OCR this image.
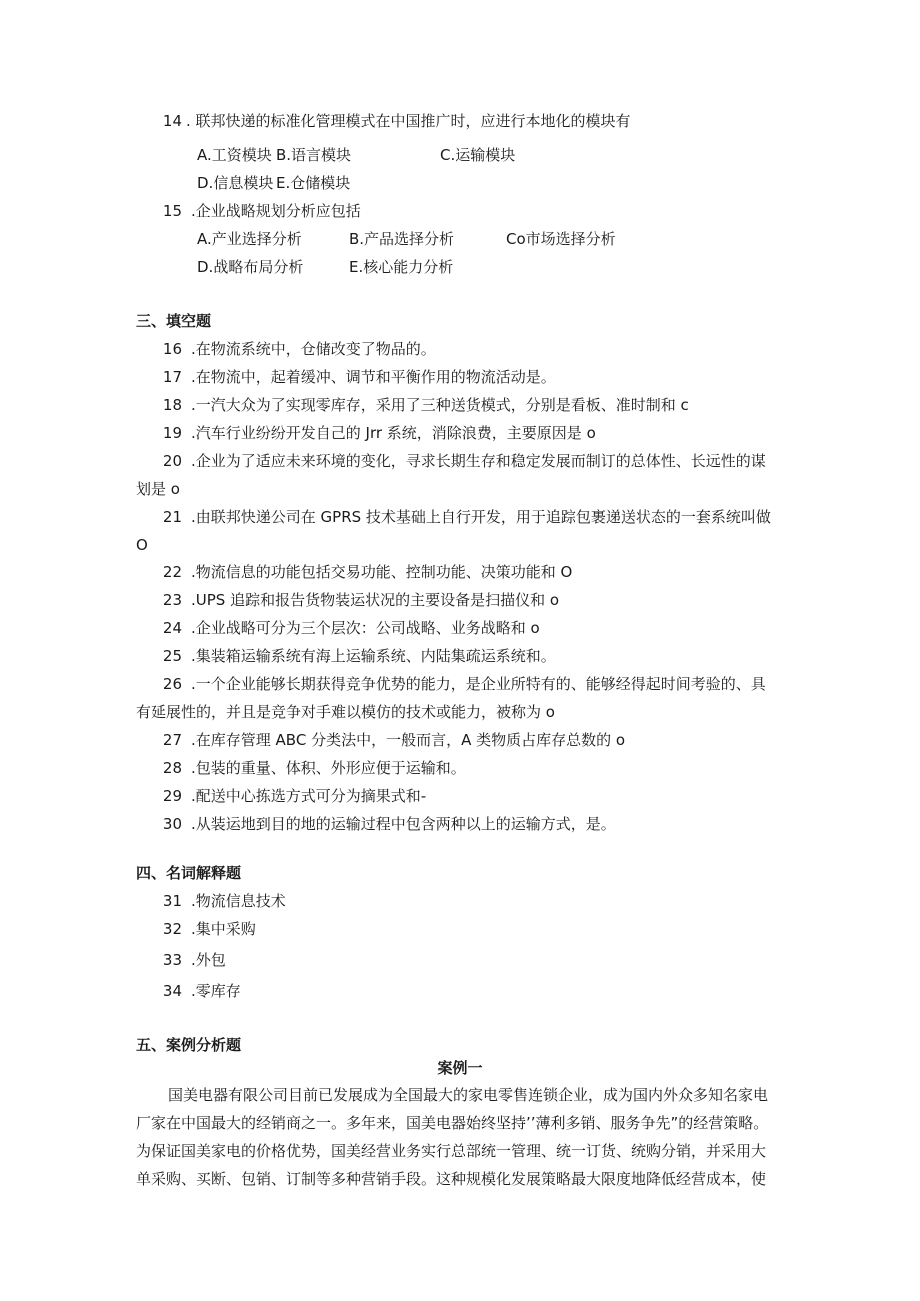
14 . 联邦快递的标准化管理模式在中国推广时，应进行本地化的模块有
A.工资模块 B.语言模块	C.运输模块
D.信息模块 E.仓储模块
15 .企业战略规划分析应包括
A.产业选择分析	B.产品选择分析	Co市场选择分析
D.战略布局分析	E.核心能力分析
三、填空题
16 .在物流系统中，仓储改变了物品的。
17 .在物流中，起着缓冲、调节和平衡作用的物流活动是。
18 .一汽大众为了实现零库存，采用了三种送货模式，分别是看板、准时制和 c
19 .汽车行业纷纷开发自己的 Jrr 系统，消除浪费，主要原因是 o
20 .企业为了适应未来环境的变化，寻求长期生存和稳定发展而制订的总体性、长远性的谋
划是 o
21 .由联邦快递公司在 GPRS 技术基础上自行开发，用于追踪包裹递送状态的一套系统叫做
O
22 .物流信息的功能包括交易功能、控制功能、决策功能和 O
23 .UPS 追踪和报告货物装运状况的主要设备是扫描仪和 o
24 .企业战略可分为三个层次：公司战略、业务战略和 o
25 .集装箱运输系统有海上运输系统、内陆集疏运系统和。
26 .一个企业能够长期获得竞争优势的能力，是企业所特有的、能够经得起时间考验的、具
有延展性的，并且是竞争对手难以模仿的技术或能力，被称为 o
27 .在库存管理 ABC 分类法中，一般而言，A 类物质占库存总数的 o
28 .包装的重量、体积、外形应便于运输和。
29 .配送中心拣选方式可分为摘果式和-
30 .从装运地到目的地的运输过程中包含两种以上的运输方式，是。
四、名词解释题
31 .物流信息技术
32 .集中采购
33 .外包
34 .零库存
五、案例分析题
案例一
国美电器有限公司目前已发展成为全国最大的家电零售连锁企业，成为国内外众多知名家电
厂家在中国最大的经销商之一。多年来，国美电器始终坚持’’薄利多销、服务争先”的经营策略。
为保证国美家电的价格优势，国美经营业务实行总部统一管理、统一订货、统购分销，并采用大
单采购、买断、包销、订制等多种营销手段。这种规模化发展策略最大限度地降低经营成本，使
